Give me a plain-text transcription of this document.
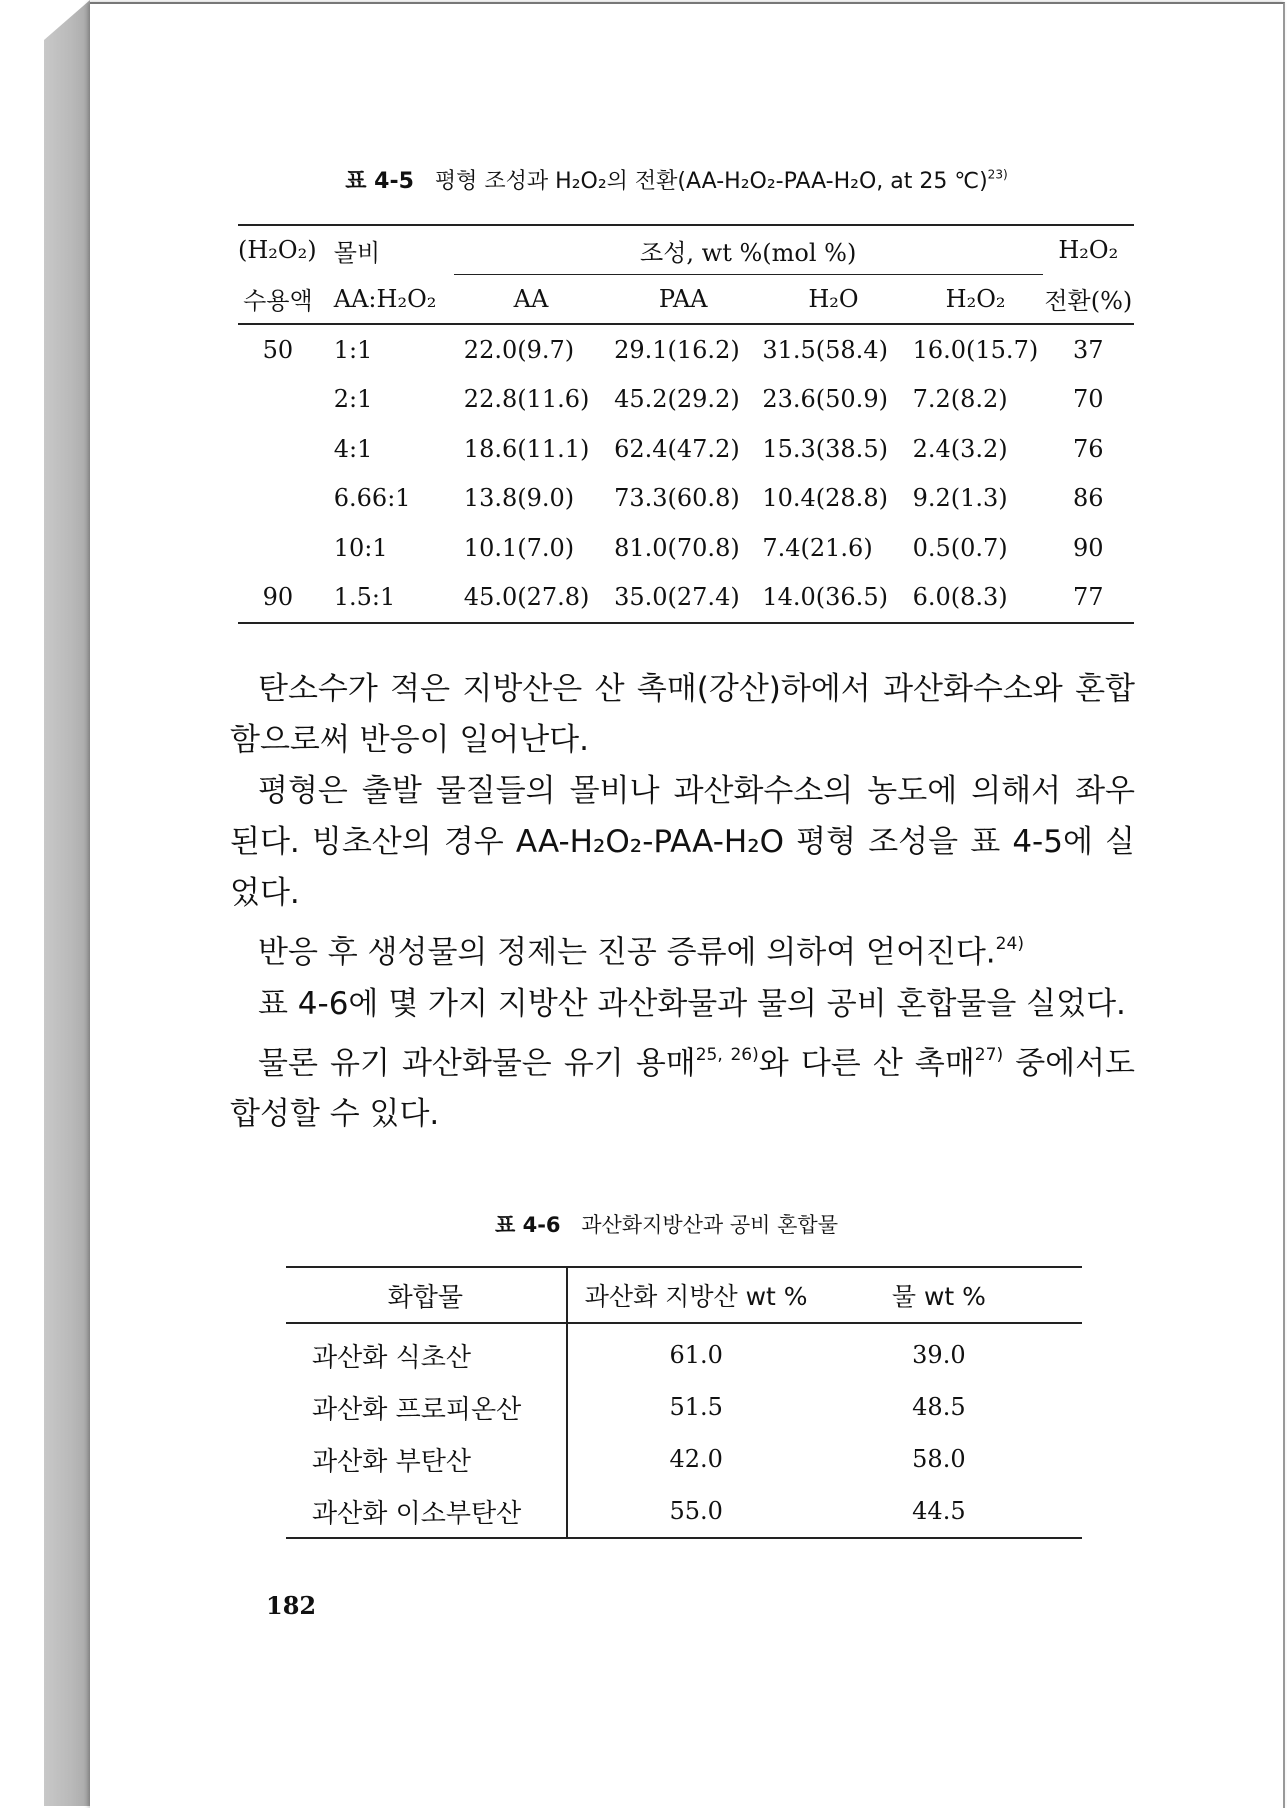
표 4-5 평형 조성과 H₂O₂의 전환(AA-H₂O₂-PAA-H₂O, at 25 ℃)$^{23)}$
(H₂O₂)	몰비	조성, wt %(mol %)				H₂O₂
수용액	AA:H₂O₂	AA	PAA	H₂O	H₂O₂	전환(%)
50	1:1	22.0(9.7)	29.1(16.2)	31.5(58.4)	16.0(15.7)	37
	2:1	22.8(11.6)	45.2(29.2)	23.6(50.9)	7.2(8.2)	70
	4:1	18.6(11.1)	62.4(47.2)	15.3(38.5)	2.4(3.2)	76
	6.66:1	13.8(9.0)	73.3(60.8)	10.4(28.8)	9.2(1.3)	86
	10:1	10.1(7.0)	81.0(70.8)	7.4(21.6)	0.5(0.7)	90
90	1.5:1	45.0(27.8)	35.0(27.4)	14.0(36.5)	6.0(8.3)	77

탄소수가 적은 지방산은 산 촉매(강산)하에서 과산화수소와 혼합함으로써 반응이 일어난다.

평형은 출발 물질들의 몰비나 과산화수소의 농도에 의해서 좌우된다. 빙초산의 경우 AA-H₂O₂-PAA-H₂O 평형 조성을 표 4-5에 실었다.

반응 후 생성물의 정제는 진공 증류에 의하여 얻어진다.$^{24)}$

표 4-6에 몇 가지 지방산 과산화물과 물의 공비 혼합물을 실었다.

물론 유기 과산화물은 유기 용매$^{25, 26)}$와 다른 산 촉매$^{27)}$ 중에서도 합성할 수 있다.

표 4-6 과산화지방산과 공비 혼합물
화합물	과산화 지방산 wt %	물 wt %
과산화 식초산	61.0	39.0
과산화 프로피온산	51.5	48.5
과산화 부탄산	42.0	58.0
과산화 이소부탄산	55.0	44.5
182
